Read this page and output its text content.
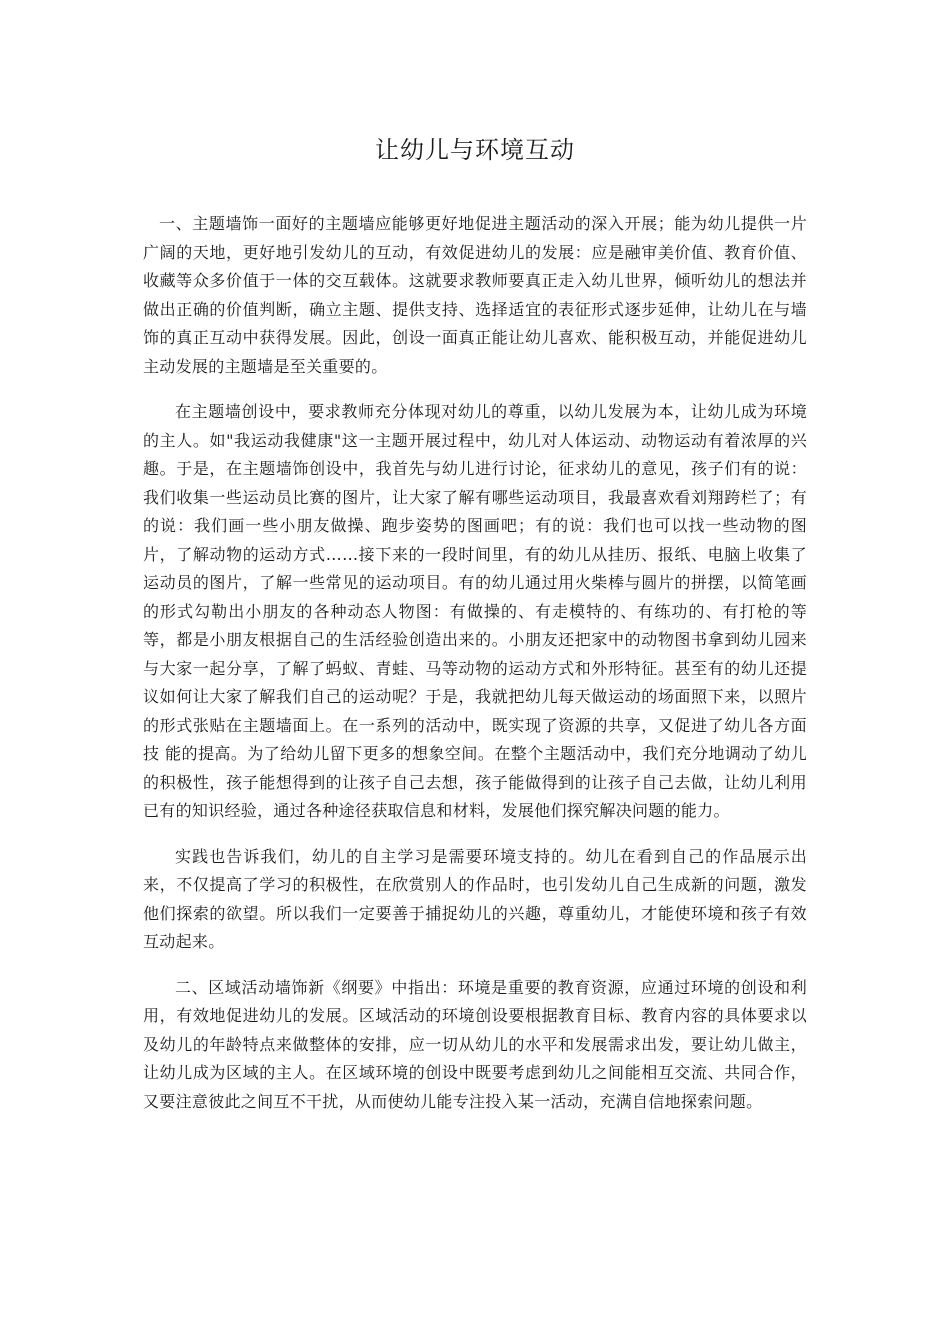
让幼儿与环境互动

一、主题墙饰一面好的主题墙应能够更好地促进主题活动的深入开展；能为幼儿提供一片广阔的天地，更好地引发幼儿的互动，有效促进幼儿的发展：应是融审美价值、教育价值、收藏等众多价值于一体的交互载体。这就要求教师要真正走入幼儿世界，倾听幼儿的想法并做出正确的价值判断，确立主题、提供支持、选择适宜的表征形式逐步延伸，让幼儿在与墙饰的真正互动中获得发展。因此，创设一面真正能让幼儿喜欢、能积极互动，并能促进幼儿主动发展的主题墙是至关重要的。

在主题墙创设中，要求教师充分体现对幼儿的尊重，以幼儿发展为本，让幼儿成为环境的主人。如"我运动我健康"这一主题开展过程中，幼儿对人体运动、动物运动有着浓厚的兴趣。于是，在主题墙饰创设中，我首先与幼儿进行讨论，征求幼儿的意见，孩子们有的说：我们收集一些运动员比赛的图片，让大家了解有哪些运动项目，我最喜欢看刘翔跨栏了；有的说：我们画一些小朋友做操、跑步姿势的图画吧；有的说：我们也可以找一些动物的图片，了解动物的运动方式……接下来的一段时间里，有的幼儿从挂历、报纸、电脑上收集了运动员的图片，了解一些常见的运动项目。有的幼儿通过用火柴棒与圆片的拼摆，以简笔画的形式勾勒出小朋友的各种动态人物图：有做操的、有走模特的、有练功的、有打枪的等等，都是小朋友根据自己的生活经验创造出来的。小朋友还把家中的动物图书拿到幼儿园来与大家一起分享，了解了蚂蚁、青蛙、马等动物的运动方式和外形特征。甚至有的幼儿还提议如何让大家了解我们自己的运动呢？于是，我就把幼儿每天做运动的场面照下来，以照片的形式张贴在主题墙面上。在一系列的活动中，既实现了资源的共享，又促进了幼儿各方面技 能的提高。为了给幼儿留下更多的想象空间。在整个主题活动中，我们充分地调动了幼儿的积极性，孩子能想得到的让孩子自己去想，孩子能做得到的让孩子自己去做，让幼儿利用已有的知识经验，通过各种途径获取信息和材料，发展他们探究解决问题的能力。

实践也告诉我们，幼儿的自主学习是需要环境支持的。幼儿在看到自己的作品展示出来，不仅提高了学习的积极性，在欣赏别人的作品时，也引发幼儿自己生成新的问题，激发他们探索的欲望。所以我们一定要善于捕捉幼儿的兴趣，尊重幼儿，才能使环境和孩子有效互动起来。

二、区域活动墙饰新《纲要》中指出：环境是重要的教育资源，应通过环境的创设和利用，有效地促进幼儿的发展。区域活动的环境创设要根据教育目标、教育内容的具体要求以及幼儿的年龄特点来做整体的安排，应一切从幼儿的水平和发展需求出发，要让幼儿做主，让幼儿成为区域的主人。在区域环境的创设中既要考虑到幼儿之间能相互交流、共同合作，又要注意彼此之间互不干扰，从而使幼儿能专注投入某一活动，充满自信地探索问题。
